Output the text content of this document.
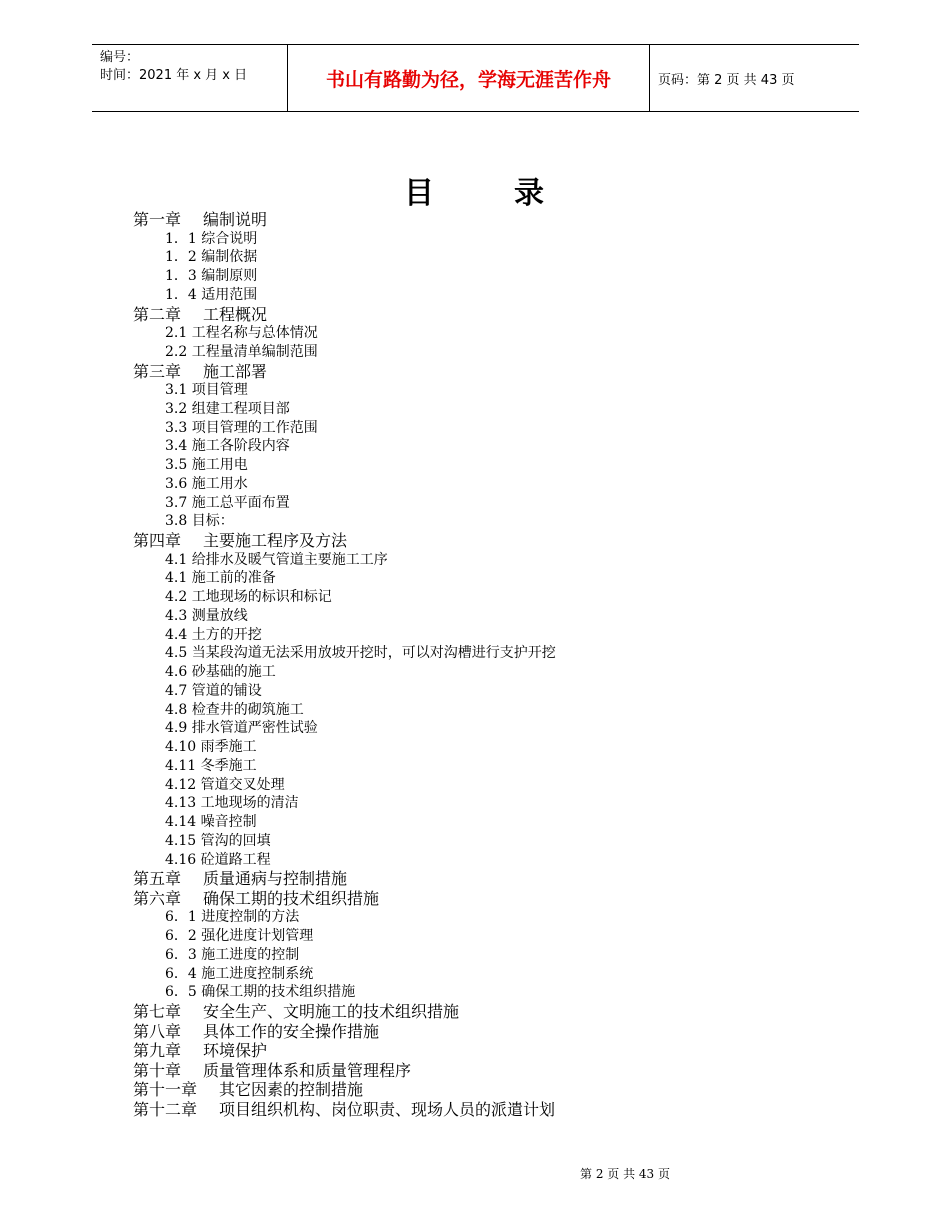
编号：
时间：2021 年 x 月 x 日	书山有路勤为径，学海无涯苦作舟	页码：第 2 页 共 43 页
目	录
第一章 编制说明
1．1 综合说明
1．2 编制依据
1．3 编制原则
1．4 适用范围
第二章 工程概况
2.1 工程名称与总体情况
2.2 工程量清单编制范围
第三章 施工部署
3.1 项目管理
3.2 组建工程项目部
3.3 项目管理的工作范围
3.4 施工各阶段内容
3.5 施工用电
3.6 施工用水
3.7 施工总平面布置
3.8 目标：
第四章 主要施工程序及方法
4.1 给排水及暖气管道主要施工工序
4.1 施工前的准备
4.2 工地现场的标识和标记
4.3 测量放线
4.4 土方的开挖
4.5 当某段沟道无法采用放坡开挖时，可以对沟槽进行支护开挖
4.6 砂基础的施工
4.7 管道的铺设
4.8 检查井的砌筑施工
4.9 排水管道严密性试验
4.10 雨季施工
4.11 冬季施工
4.12 管道交叉处理
4.13 工地现场的清洁
4.14 噪音控制
4.15 管沟的回填
4.16 砼道路工程
第五章 质量通病与控制措施
第六章 确保工期的技术组织措施
6．1 进度控制的方法
6．2 强化进度计划管理
6．3 施工进度的控制
6．4 施工进度控制系统
6．5 确保工期的技术组织措施
第七章 安全生产、文明施工的技术组织措施
第八章 具体工作的安全操作措施
第九章 环境保护
第十章 质量管理体系和质量管理程序
第十一章 其它因素的控制措施
第十二章 项目组织机构、岗位职责、现场人员的派遣计划
第 2 页 共 43 页
